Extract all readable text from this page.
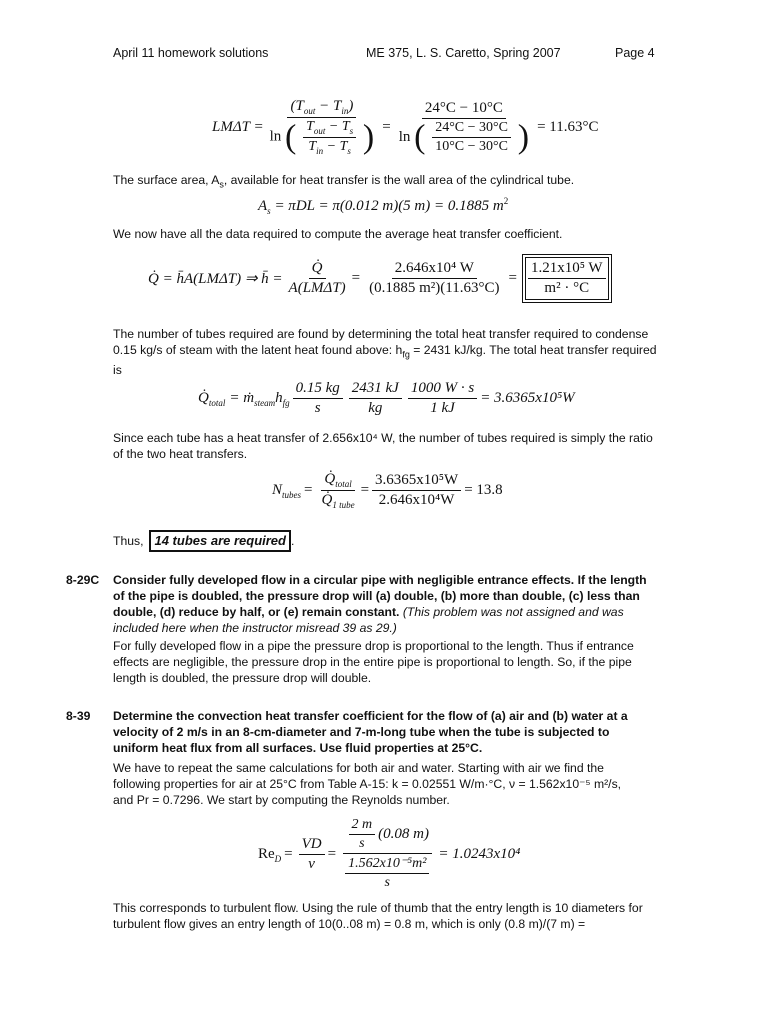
April 11 homework solutions	ME 375, L. S. Caretto, Spring 2007	Page 4
LMΔT =
$(T_{out} - T_{in})$
ln ( $\frac{T_{out} - T_s}{T_{in} - T_s}$ ) =
24°C − 10°C
ln ( $\frac{24^\circ C - 30^\circ C}{10^\circ C - 30^\circ C}$ ) = 11.63°C
The surface area, $A_s$, available for heat transfer is the wall area of the cylindrical tube.
$A_s = \pi DL = \pi(0.012$ m)(5 m) = 0.1885 $m^2$
We now have all the data required to compute the average heat transfer coefficient.
Q̇ = h̄A(LMΔT) ⇒ h̄ = $\frac{Q̇}{\text{A(LMΔT)}} = \frac{\text{2.646x10⁴ W}}{\text{(0.1885 m²)(11.63°C)}} = \frac{\text{1.21x10⁵ W}}{\text{m² · °C}}$
The number of tubes required are found by determining the total heat transfer required to condense 0.15 kg/s of steam with the latent heat found above: $h_{fg} = 2431$ kJ/kg. The total heat transfer required is
$Q̇_{total}$ = ṁ$_{steam}$ $h_{fg} \frac{0.15 kg}{s} \frac{2431 kJ}{kg} \frac{1000 W \cdot s}{1 kJ} = 3.6365x10^5W$
Since each tube has a heat transfer of 2.656x10⁴ W, the number of tubes required is simply the ratio of the two heat transfers.
$N_{tubes} = \frac{Q̇_{total}}{Q̇_{1 tube}} = \frac{\text{3.6365x10⁵W}}{\text{2.646x10⁴W}} = 13.8$
Thus, 14 tubes are required .
8-29C Consider fully developed flow in a circular pipe with negligible entrance effects. If the length of the pipe is doubled, the pressure drop will (a) double, (b) more than double, (c) less than double, (d) reduce by half, or (e) remain constant. (This problem was not assigned and was included here when the instructor misread 39 as 29.)
For fully developed flow in a pipe the pressure drop is proportional to the length. Thus if entrance effects are negligible, the pressure drop in the entire pipe is proportional to length. So, if the pipe length is doubled, the pressure drop will double.
8-39 Determine the convection heat transfer coefficient for the flow of (a) air and (b) water at a velocity of 2 m/s in an 8-cm-diameter and 7-m-long tube when the tube is subjected to uniform heat flux from all surfaces. Use fluid properties at 25°C.
We have to repeat the same calculations for both air and water. Starting with air we find the
following properties for air at 25°C from Table A-15: k = 0.02551 W/m·°C, ν = 1.562x10⁻⁵ m²/s,
and Pr = 0.7296. We start by computing the Reynolds number.
$Re_D = \frac{VD}{\nu} = \frac{\frac{2 m}{s} (0.08 m)}{\frac{\text{1.562x10⁻⁵m²}}{s}} = 1.0243x10^4$
This corresponds to turbulent flow. Using the rule of thumb that the entry length is 10 diameters for turbulent flow gives an entry length of 10(0..08 m) = 0.8 m, which is only (0.8 m)/(7 m) =
